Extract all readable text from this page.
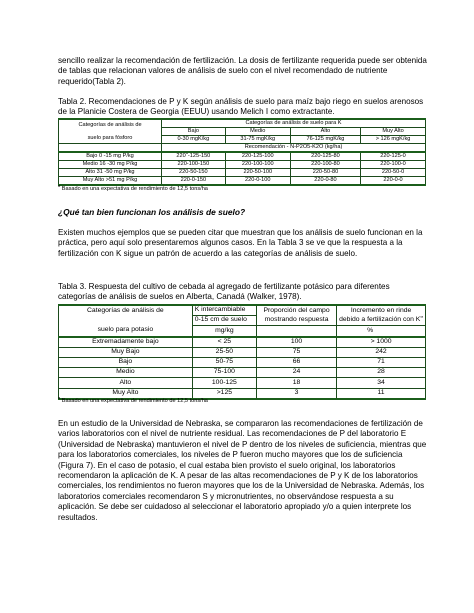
sencillo realizar la recomendación de fertilización. La dosis de fertilizante requerida puede ser obtenida de tablas que relacionan valores de análisis de suelo con el nivel recomendado de nutriente requerido(Tabla 2).
Tabla 2. Recomendaciones de P y K según análisis de suelo para maíz bajo riego en suelos arenosos de la Planicie Costera de Georgia (EEUU) usando Melich I como extractante.
Categorías de análisis de
suelo para fósforo	Categorías de análisis de suelo para K			
	Bajo	Medio	Alto	Muy Alto
	0-30 mgK/kg	31-75 mgK/kg	76-125 mgK/kg	> 126 mgK/kg
	Recomendación - N-P2O5-K2O (kg/ha)			
Bajo 0 -15 mg P/kg	220$^a$-125-150	220-125-100	220-125-80	220-125-0
Medio 16 -30 mg P/kg	220-100-150	220-100-100	220-100-80	220-100-0
Alto 31 -50 mg P/kg	220-50-150	220-50-100	220-50-80	220-50-0
Muy Alto >51 mg P/kg	220-0-150	220-0-100	220-0-80	220-0-0
$^a$ Basado en una expectativa de rendimiento de 12,5 tons/ha
¿Qué tan bien funcionan los análisis de suelo?
Existen muchos ejemplos que se pueden citar que muestran que los análisis de suelo funcionan en la práctica, pero aquí solo presentaremos algunos casos. En la Tabla 3 se ve que la respuesta a la fertilización con K sigue un patrón de acuerdo a las categorías de análisis de suelo.
Tabla 3. Respuesta del cultivo de cebada al agregado de fertilizante potásico para diferentes categorías de análisis de suelos en Alberta, Canadá (Walker, 1978).
Categorías de análisis de	K intercambiable	Proporción del campo	Incremento en rinde
	0-15 cm de suelo	mostrando respuesta	debido a fertilización con $K^a$
suelo para potasio	mg/kg		%
Extremadamente bajo	< 25	100	> 1000
Muy Bajo	25-50	75	242
Bajo	50-75	66	71
Medio	75-100	24	28
Alto	100-125	18	34
Muy Alto	>125	3	11
$^a$ Basado en una expectativa de rendimiento de 12,5 tons/ha
En un estudio de la Universidad de Nebraska, se compararon las recomendaciones de fertilización de varios laboratorios con el nivel de nutriente residual. Las recomendaciones de P del laboratorio E (Universidad de Nebraska) mantuvieron el nivel de P dentro de los niveles de suficiencia, mientras que para los laboratorios comerciales, los niveles de P fueron mucho mayores que los de suficiencia (Figura 7). En el caso de potasio, el cual estaba bien provisto el suelo original, los laboratorios recomendaron la aplicación de K. A pesar de las altas recomendaciones de P y K de los laboratorios comerciales, los rendimientos no fueron mayores que los de la Universidad de Nebraska. Además, los laboratorios comerciales recomendaron S y micronutrientes, no observándose respuesta a su aplicación. Se debe ser cuidadoso al seleccionar el laboratorio apropiado y/o a quien interprete los resultados.
